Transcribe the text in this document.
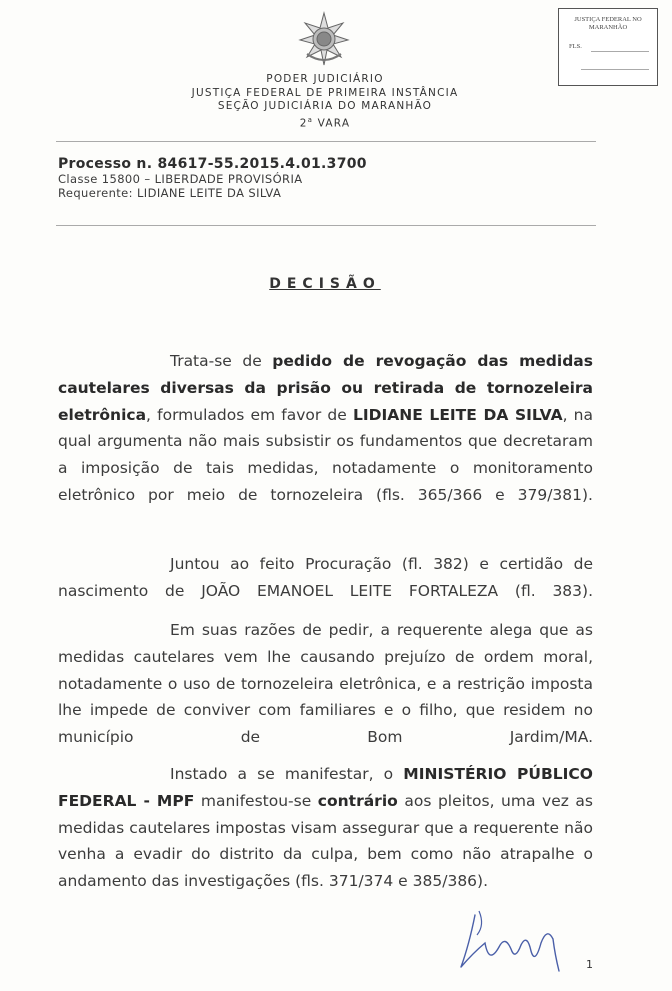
JUSTIÇA FEDERAL NO
MARANHÃO
FLS.
PODER JUDICIÁRIO
JUSTIÇA FEDERAL DE PRIMEIRA INSTÂNCIA
SEÇÃO JUDICIÁRIA DO MARANHÃO
2$^a$ VARA
Processo n. 84617-55.2015.4.01.3700
Classe 15800 – LIBERDADE PROVISÓRIA
Requerente: LIDIANE LEITE DA SILVA
DECISÃO
Trata-se de pedido de revogação das medidas cautelares diversas da prisão ou retirada de tornozeleira eletrônica, formulados em favor de LIDIANE LEITE DA SILVA, na qual argumenta não mais subsistir os fundamentos que decretaram a imposição de tais medidas, notadamente o monitoramento eletrônico por meio de tornozeleira (fls. 365/366 e 379/381).
Juntou ao feito Procuração (fl. 382) e certidão de nascimento de JOÃO EMANOEL LEITE FORTALEZA (fl. 383).
Em suas razões de pedir, a requerente alega que as medidas cautelares vem lhe causando prejuízo de ordem moral, notadamente o uso de tornozeleira eletrônica, e a restrição imposta lhe impede de conviver com familiares e o filho, que residem no município de Bom Jardim/MA.
Instado a se manifestar, o MINISTÉRIO PÚBLICO FEDERAL - MPF manifestou-se contrário aos pleitos, uma vez as medidas cautelares impostas visam assegurar que a requerente não venha a evadir do distrito da culpa, bem como não atrapalhe o andamento das investigações (fls. 371/374 e 385/386).
1
